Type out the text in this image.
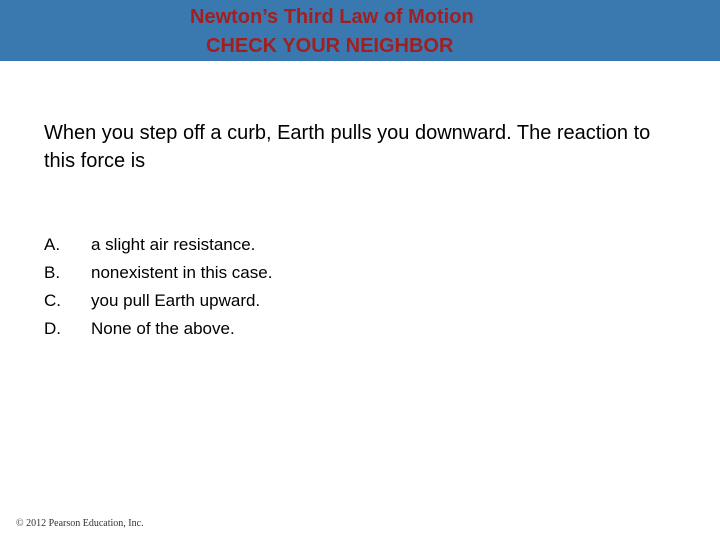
Newton’s Third Law of Motion
CHECK YOUR NEIGHBOR
When you step off a curb, Earth pulls you downward. The reaction to this force is
A. a slight air resistance.
B. nonexistent in this case.
C. you pull Earth upward.
D. None of the above.
© 2012 Pearson Education, Inc.
